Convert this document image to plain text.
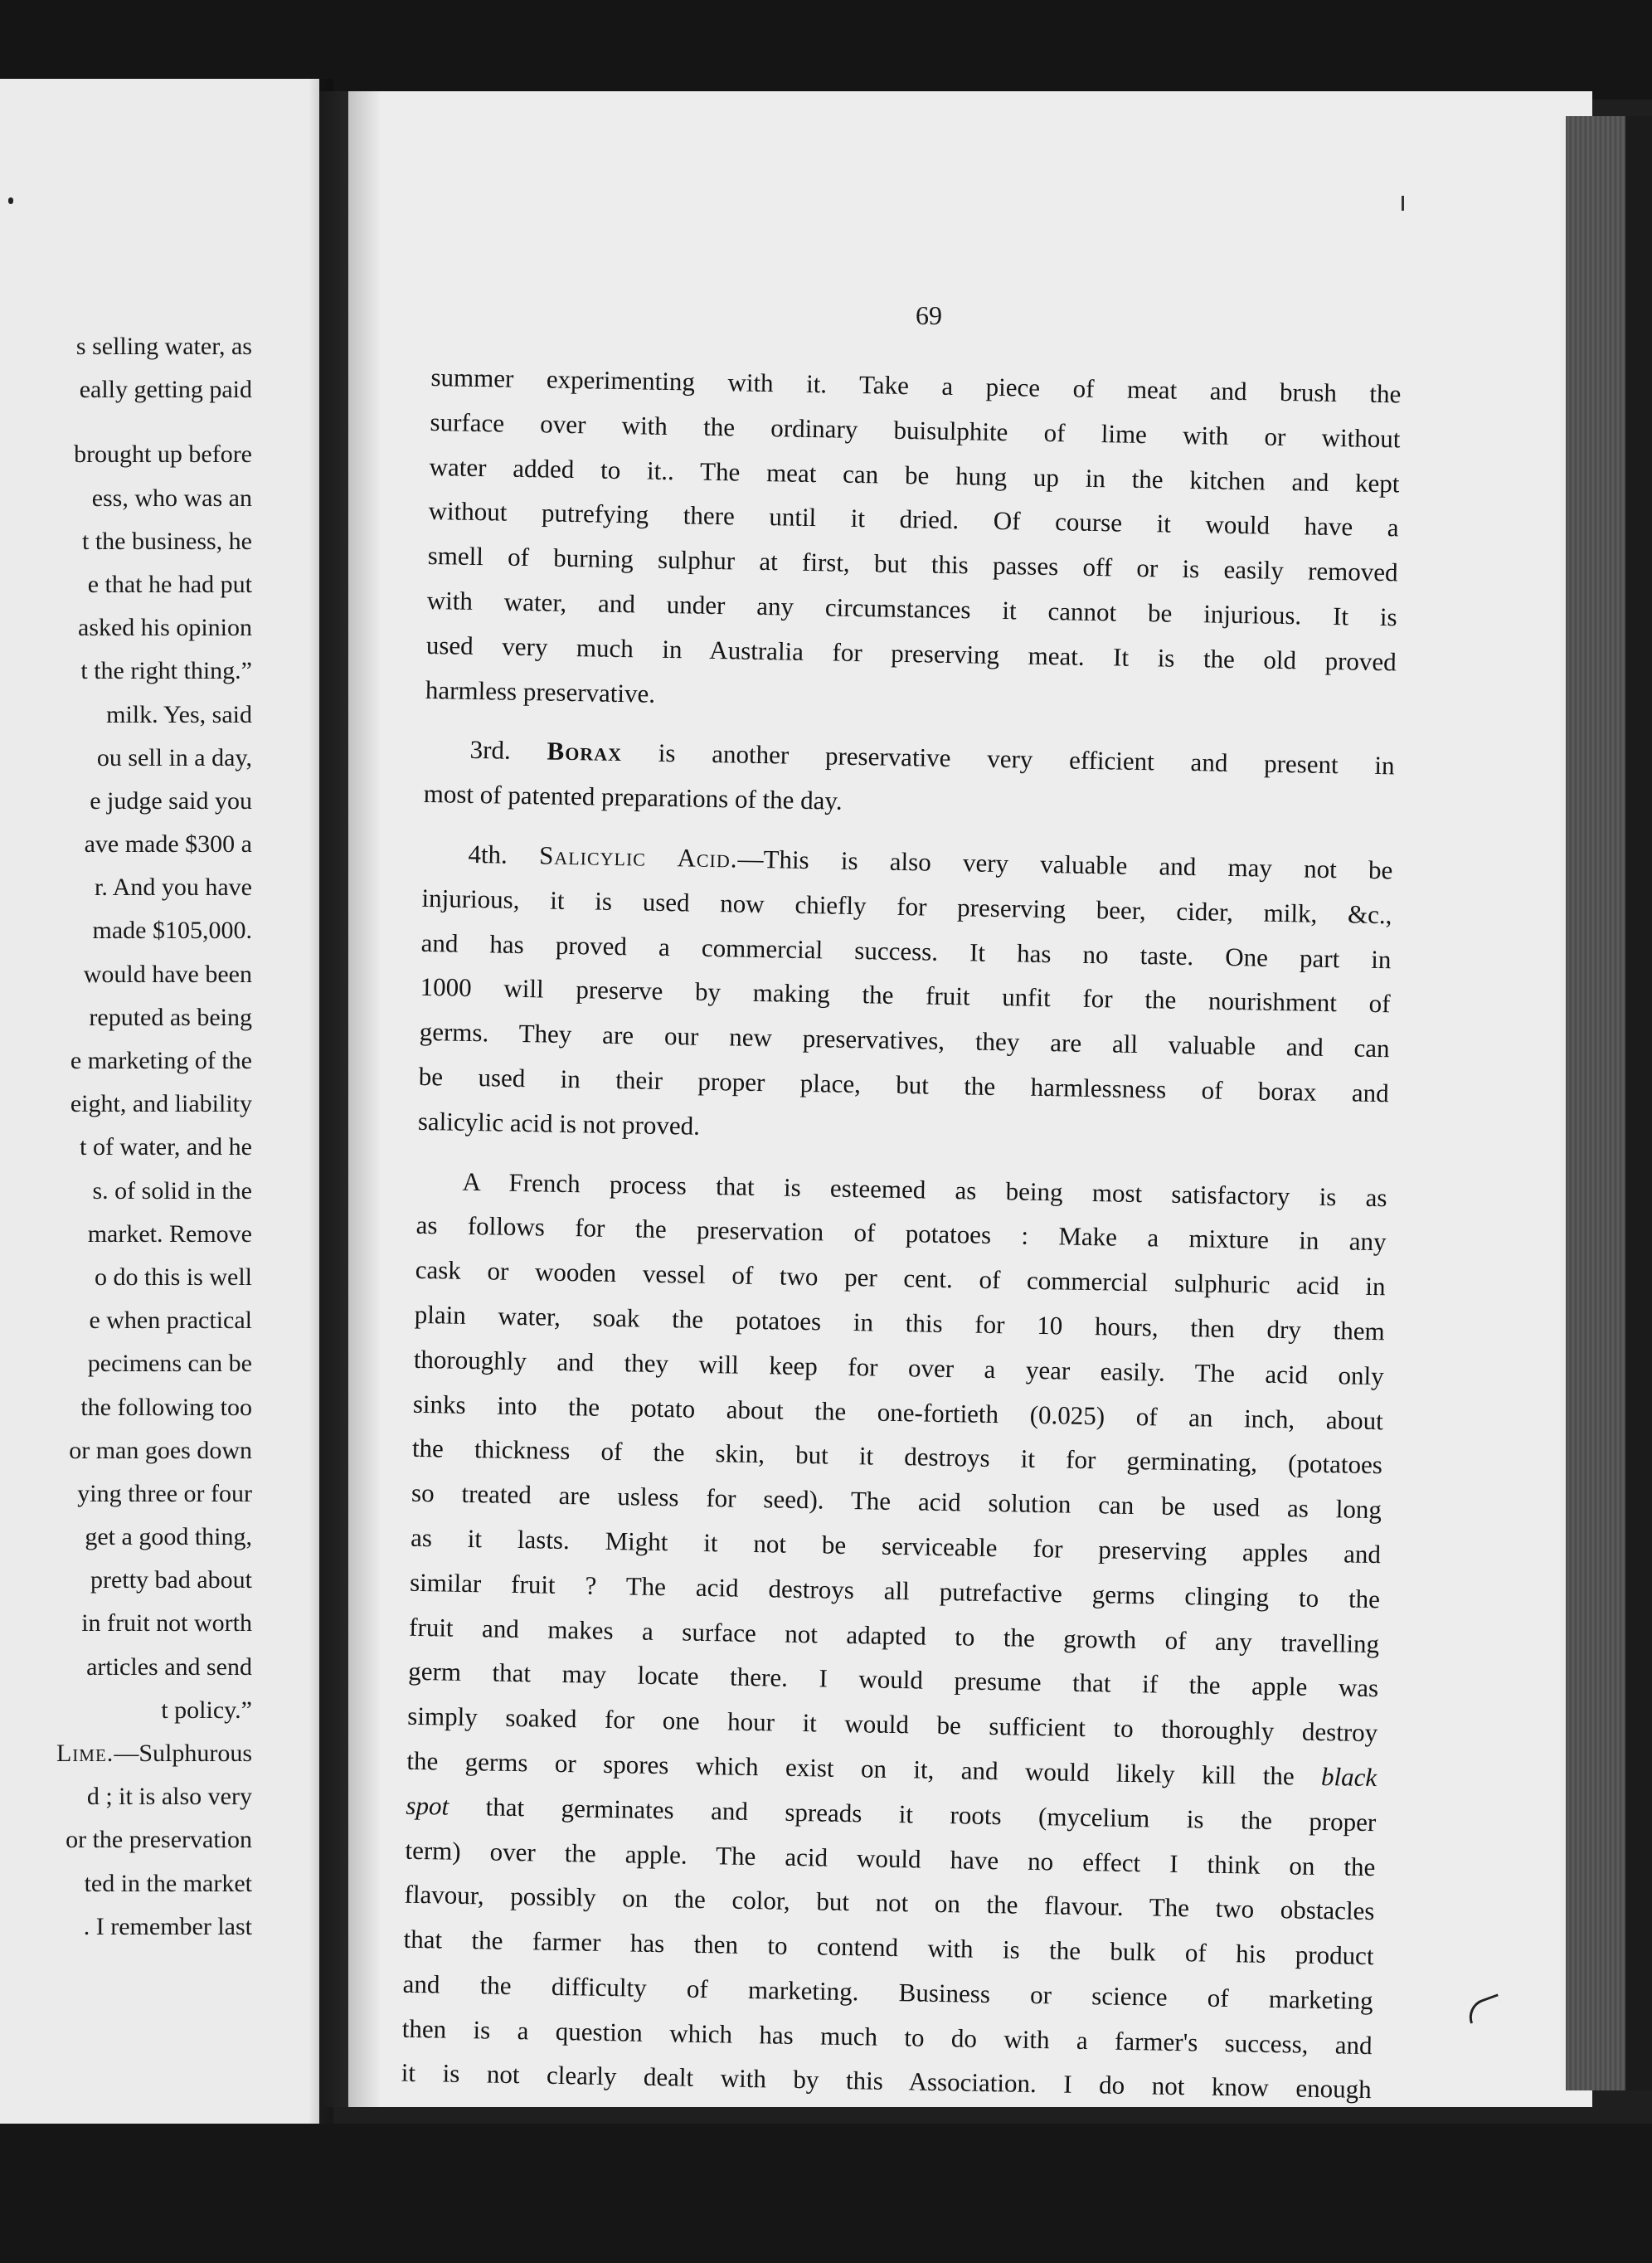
s selling water, as
eally getting paid
brought up before
ess, who was an
t the business, he
e that he had put
asked his opinion
t the right thing.”
milk. Yes, said
ou sell in a day,
e judge said you
ave made $300 a
r. And you have
made $105,000.
would have been
reputed as being
e marketing of the
eight, and liability
t of water, and he
s. of solid in the
market. Remove
o do this is well
e when practical
pecimens can be
the following too
or man goes down
ying three or four
get a good thing,
pretty bad about
in fruit not worth
articles and send
t policy.”
Lime.—Sulphurous
d ; it is also very
or the preservation
ted in the market
. I remember last
69
summer experimenting with it. Take a piece of meat and brush the
surface over with the ordinary buisulphite of lime with or without
water added to it.. The meat can be hung up in the kitchen and kept
without putrefying there until it dried. Of course it would have a
smell of burning sulphur at first, but this passes off or is easily removed
with water, and under any circumstances it cannot be injurious. It is
used very much in Australia for preserving meat. It is the old proved
harmless preservative.
3rd. Borax is another preservative very efficient and present in
most of patented preparations of the day.
4th. Salicylic Acid.—This is also very valuable and may not be
injurious, it is used now chiefly for preserving beer, cider, milk, &c.,
and has proved a commercial success. It has no taste. One part in
1000 will preserve by making the fruit unfit for the nourishment of
germs. They are our new preservatives, they are all valuable and can
be used in their proper place, but the harmlessness of borax and
salicylic acid is not proved.
A French process that is esteemed as being most satisfactory is as
as follows for the preservation of potatoes : Make a mixture in any
cask or wooden vessel of two per cent. of commercial sulphuric acid in
plain water, soak the potatoes in this for 10 hours, then dry them
thoroughly and they will keep for over a year easily. The acid only
sinks into the potato about the one-fortieth (0.025) of an inch, about
the thickness of the skin, but it destroys it for germinating, (potatoes
so treated are usless for seed). The acid solution can be used as long
as it lasts. Might it not be serviceable for preserving apples and
similar fruit ? The acid destroys all putrefactive germs clinging to the
fruit and makes a surface not adapted to the growth of any travelling
germ that may locate there. I would presume that if the apple was
simply soaked for one hour it would be sufficient to thoroughly destroy
the germs or spores which exist on it, and would likely kill the black
spot that germinates and spreads it roots (mycelium is the proper
term) over the apple. The acid would have no effect I think on the
flavour, possibly on the color, but not on the flavour. The two obstacles
that the farmer has then to contend with is the bulk of his product
and the difficulty of marketing. Business or science of marketing
then is a question which has much to do with a farmer's success, and
it is not clearly dealt with by this Association. I do not know enough
